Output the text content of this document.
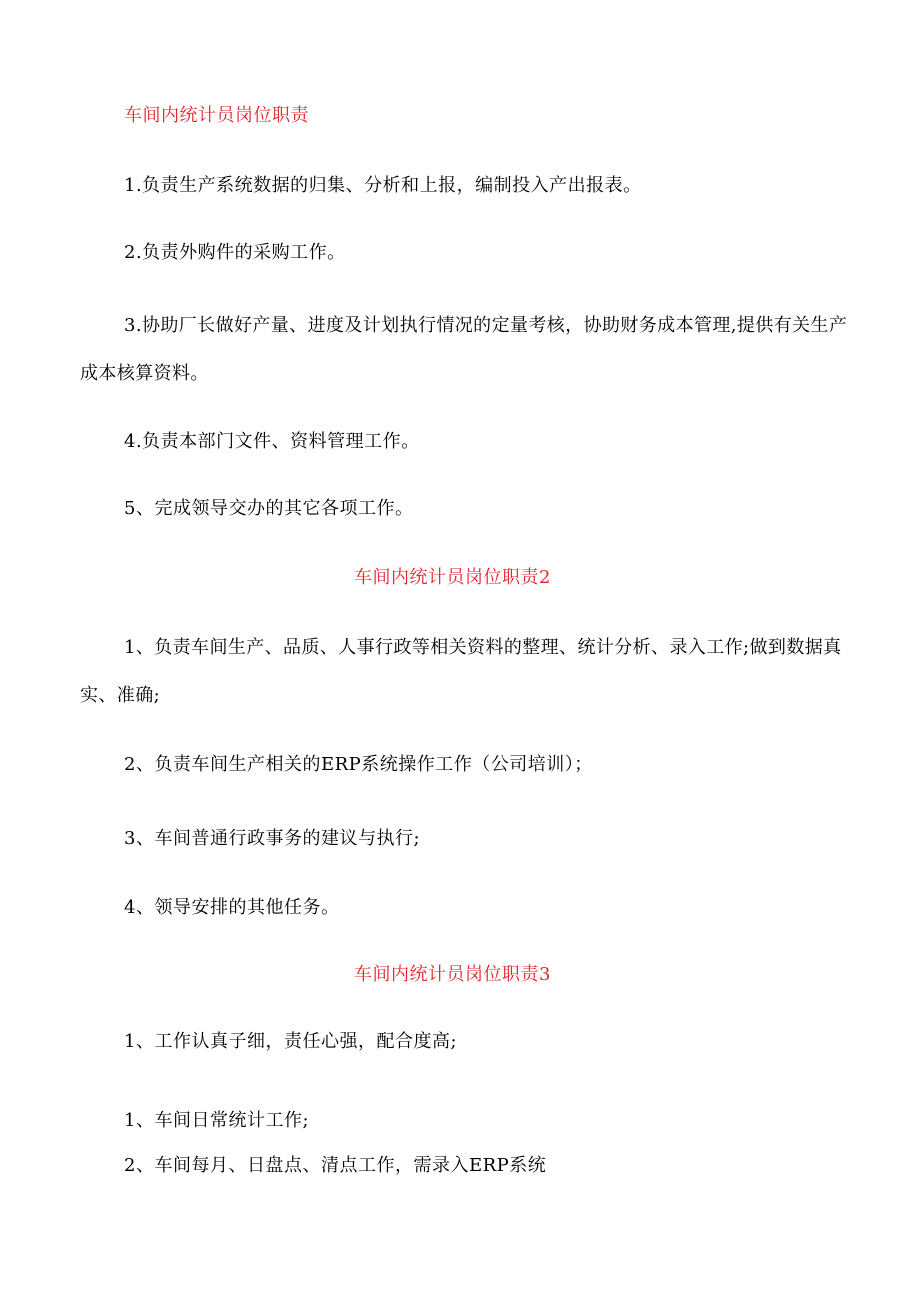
车间内统计员岗位职责
1.负责生产系统数据的归集、分析和上报，编制投入产出报表。
2.负责外购件的采购工作。
3.协助厂长做好产量、进度及计划执行情况的定量考核，协助财务成本管理,提供有关生产成本核算资料。
4.负责本部门文件、资料管理工作。
5、完成领导交办的其它各项工作。
车间内统计员岗位职责2
1、负责车间生产、品质、人事行政等相关资料的整理、统计分析、录入工作;做到数据真实、准确;
2、负责车间生产相关的ERP系统操作工作（公司培训）；
3、车间普通行政事务的建议与执行;
4、领导安排的其他任务。
车间内统计员岗位职责3
1、工作认真子细，责任心强，配合度高;
1、车间日常统计工作;
2、车间每月、日盘点、清点工作，需录入ERP系统
